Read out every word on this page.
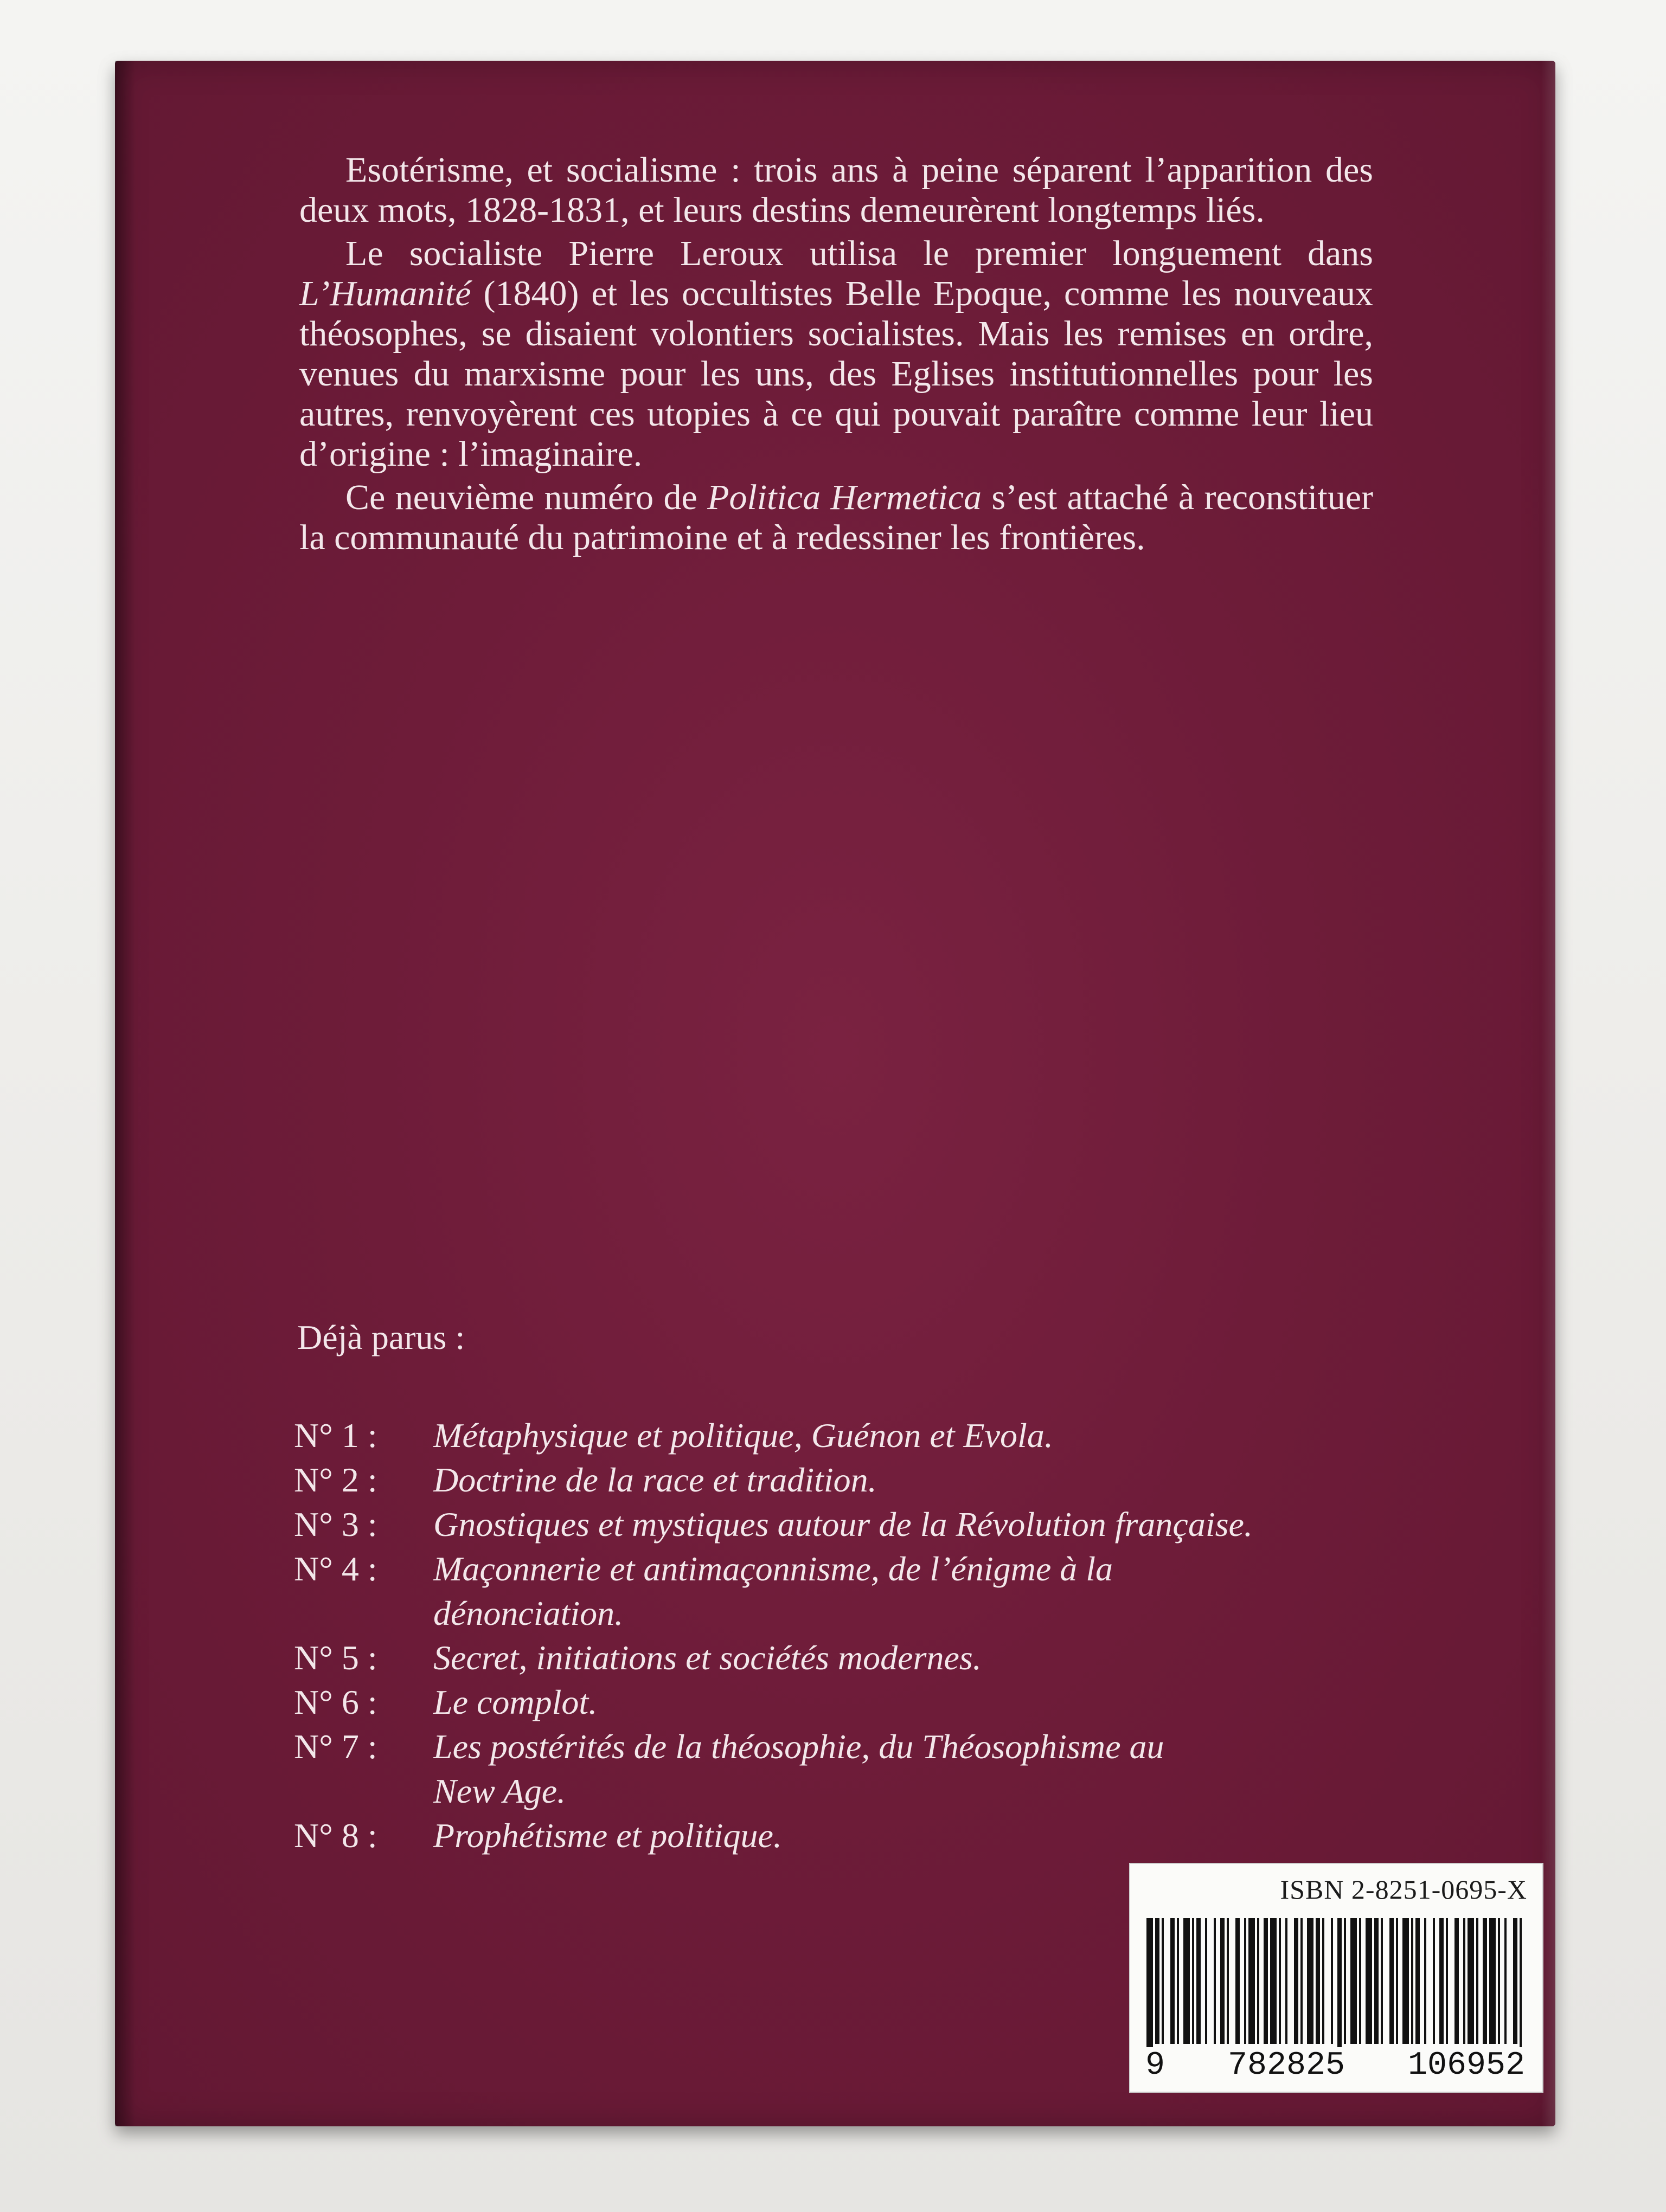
Esotérisme, et socialisme : trois ans à peine séparent l’apparition des deux mots, 1828-1831, et leurs destins demeurèrent longtemps liés.

Le socialiste Pierre Leroux utilisa le premier longuement dans L’Humanité (1840) et les occultistes Belle Epoque, comme les nouveaux théosophes, se disaient volontiers socialistes. Mais les remises en ordre, venues du marxisme pour les uns, des Eglises institutionnelles pour les autres, renvoyèrent ces utopies à ce qui pouvait paraître comme leur lieu d’origine : l’imaginaire.

Ce neuvième numéro de Politica Hermetica s’est attaché à reconstituer la communauté du patrimoine et à redessiner les frontières.

Déjà parus :
N° 1 :	Métaphysique et politique, Guénon et Evola.
N° 2 :	Doctrine de la race et tradition.
N° 3 :	Gnostiques et mystiques autour de la Révolution française.
N° 4 :	Maçonnerie et antimaçonnisme, de l’énigme à la dénonciation.
N° 5 :	Secret, initiations et sociétés modernes.
N° 6 :	Le complot.
N° 7 :	Les postérités de la théosophie, du Théosophisme au New Age.
N° 8 :	Prophétisme et politique.
ISBN 2-8251-0695-X
9 782825 106952
